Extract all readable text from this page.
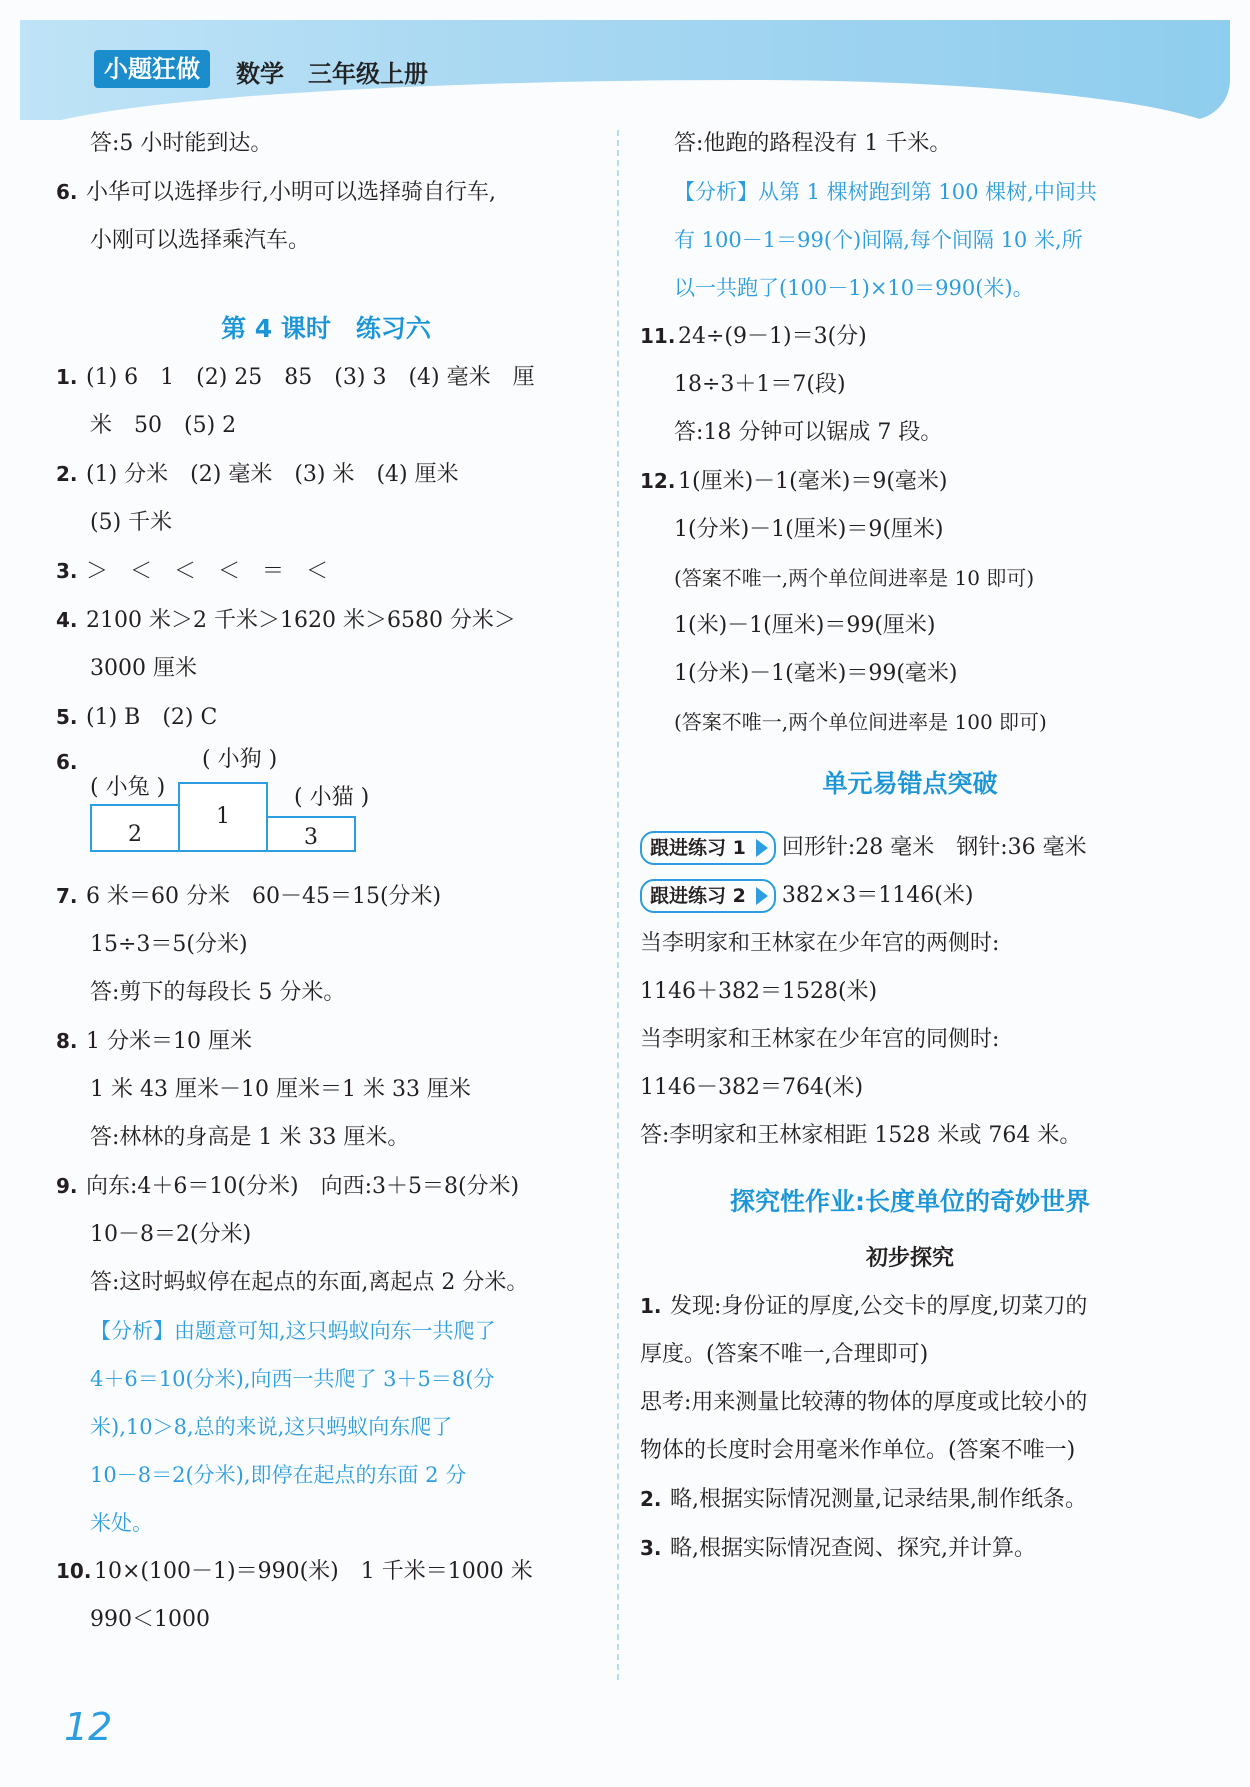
小题狂做	数学　三年级上册
答:5 小时能到达。
6. 小华可以选择步行,小明可以选择骑自行车,
小刚可以选择乘汽车。
第 4 课时　练习六
1. (1) 6　1　(2) 25　85　(3) 3　(4) 毫米　厘
米　50　(5) 2
2. (1) 分米　(2) 毫米　(3) 米　(4) 厘米
(5) 千米
3. ＞　＜　＜　＜　＝　＜
4. 2100 米＞2 千米＞1620 米＞6580 分米＞
3000 厘米
5. (1) B　(2) C
6.	( 小狗 )
( 小兔 )	( 小猫 )
2
1
3
7. 6 米＝60 分米　60－45＝15(分米)
15÷3＝5(分米)
答:剪下的每段长 5 分米。
8. 1 分米＝10 厘米
1 米 43 厘米－10 厘米＝1 米 33 厘米
答:林林的身高是 1 米 33 厘米。
9. 向东:4＋6＝10(分米)　向西:3＋5＝8(分米)
10－8＝2(分米)
答:这时蚂蚁停在起点的东面,离起点 2 分米。
【分析】由题意可知,这只蚂蚁向东一共爬了
4＋6＝10(分米),向西一共爬了 3＋5＝8(分
米),10＞8,总的来说,这只蚂蚁向东爬了
10－8＝2(分米),即停在起点的东面 2 分
米处。
10. 10×(100－1)＝990(米)　1 千米＝1000 米
990＜1000
答:他跑的路程没有 1 千米。
【分析】从第 1 棵树跑到第 100 棵树,中间共
有 100－1＝99(个)间隔,每个间隔 10 米,所
以一共跑了(100－1)×10＝990(米)。
11. 24÷(9－1)＝3(分)
18÷3＋1＝7(段)
答:18 分钟可以锯成 7 段。
12. 1(厘米)－1(毫米)＝9(毫米)
1(分米)－1(厘米)＝9(厘米)
(答案不唯一,两个单位间进率是 10 即可)
1(米)－1(厘米)＝99(厘米)
1(分米)－1(毫米)＝99(毫米)
(答案不唯一,两个单位间进率是 100 即可)
单元易错点突破
跟进练习 1 回形针:28 毫米　钢针:36 毫米
跟进练习 2 382×3＝1146(米)
当李明家和王林家在少年宫的两侧时:
1146＋382＝1528(米)
当李明家和王林家在少年宫的同侧时:
1146－382＝764(米)
答:李明家和王林家相距 1528 米或 764 米。
探究性作业:长度单位的奇妙世界
初步探究
1. 发现:身份证的厚度,公交卡的厚度,切菜刀的
厚度。(答案不唯一,合理即可)
思考:用来测量比较薄的物体的厚度或比较小的
物体的长度时会用毫米作单位。(答案不唯一)
2. 略,根据实际情况测量,记录结果,制作纸条。
3. 略,根据实际情况查阅、探究,并计算。
12
